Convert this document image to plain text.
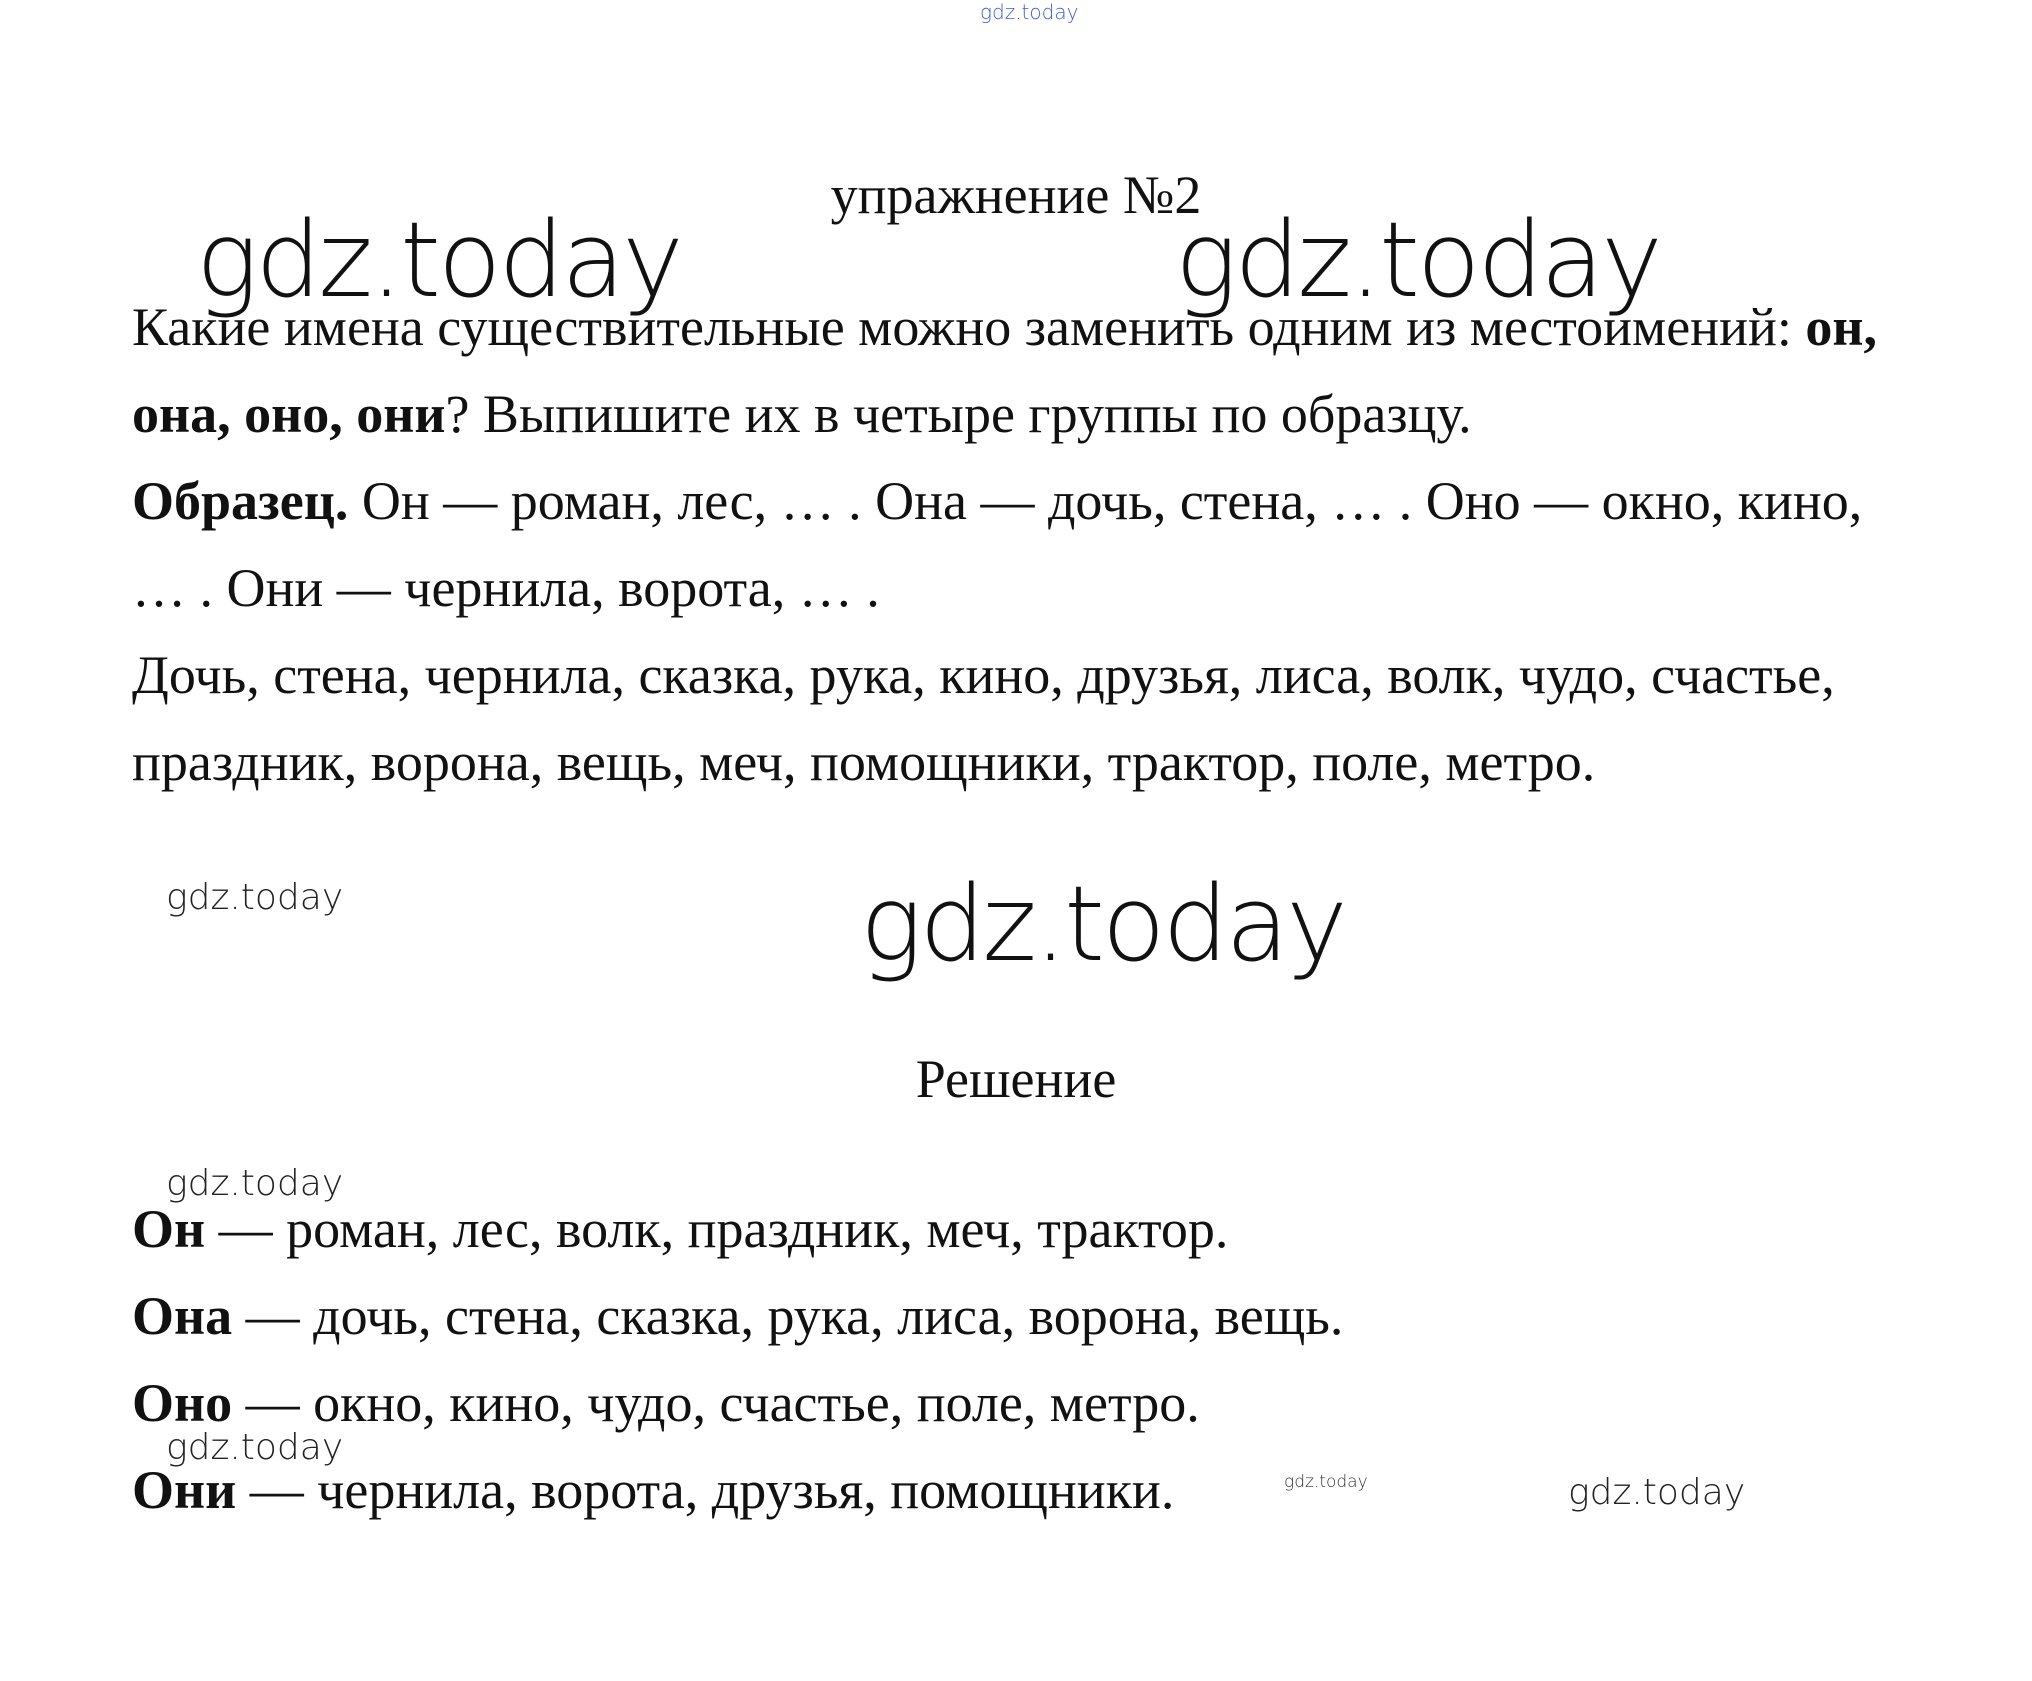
gdz.today
упражнение №2

Какие имена существительные можно заменить одним из местоимений: он, она, оно, они? Выпишите их в четыре группы по образцу.

Образец. Он — роман, лес, … . Она — дочь, стена, … . Оно — окно, кино, … . Они — чернила, ворота, … .

Дочь, стена, чернила, сказка, рука, кино, друзья, лиса, волк, чудо, счастье, праздник, ворона, вещь, меч, помощники, трактор, поле, метро.

Решение

Он — роман, лес, волк, праздник, меч, трактор.

Она — дочь, стена, сказка, рука, лиса, ворона, вещь.

Оно — окно, кино, чудо, счастье, поле, метро.

Они — чернила, ворота, друзья, помощники.

gdz.today	gdz.today
gdz.today
gdz.today
gdz.today
gdz.today
gdz.today
gdz.today
